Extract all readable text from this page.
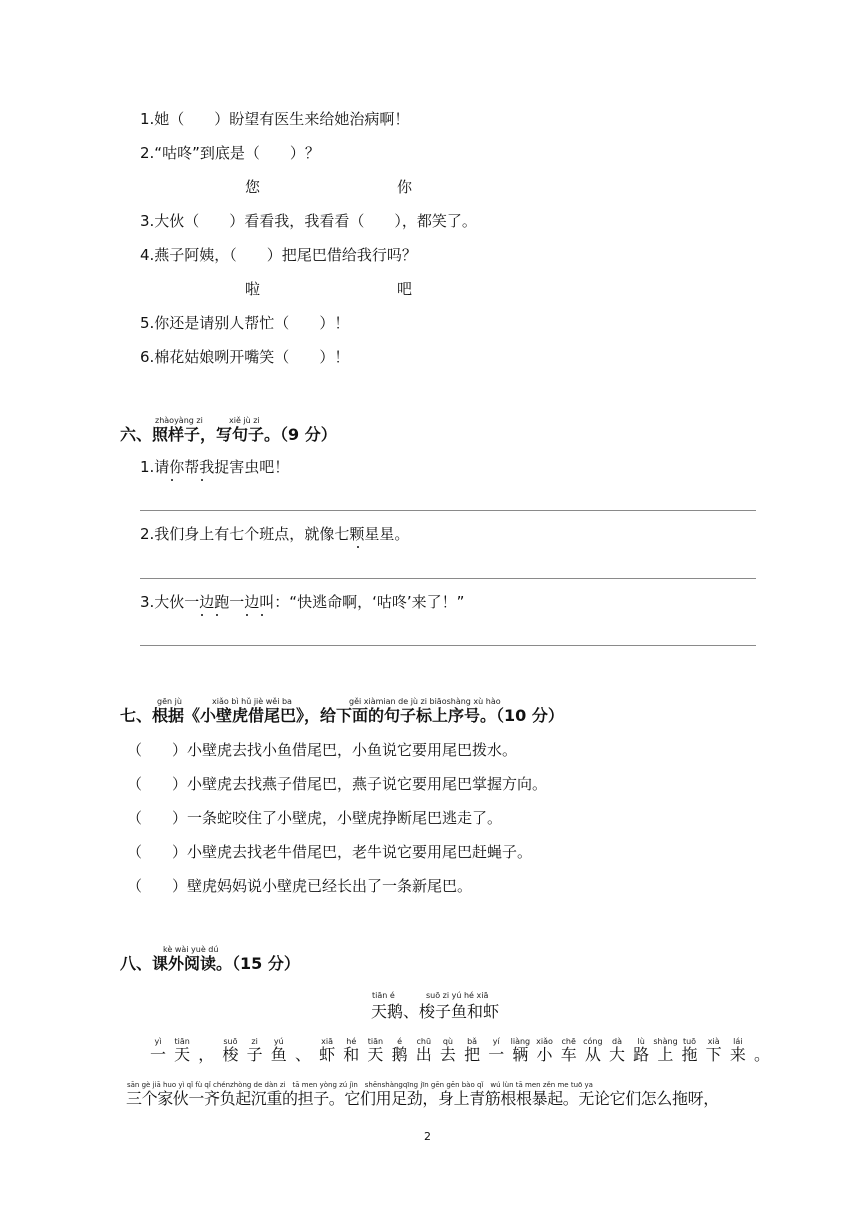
1.她（　　）盼望有医生来给她治病啊！
2.“咕咚”到底是（　　）？
您	你
3.大伙（　　）看看我，我看看（　　），都笑了。
4.燕子阿姨，（　　）把尾巴借给我行吗？
啦	吧
5.你还是请别人帮忙（　　）！
6.棉花姑娘咧开嘴笑（　　）！
zhàoyàng zi	xiě jù zi
六、照样子，写句子。（9 分）
1.请你帮我捉害虫吧！
2.我们身上有七个班点，就像七颗星星。
3.大伙一边跑一边叫：“快逃命啊，‘咕咚’来了！”
gēn jù	xiǎo bì hǔ jiè wěi ba	gěi xiàmian de jù zi biāoshàng xù hào
七、根据《小壁虎借尾巴》，给下面的句子标上序号。（10 分）
（　　）小壁虎去找小鱼借尾巴，小鱼说它要用尾巴拨水。
（　　）小壁虎去找燕子借尾巴，燕子说它要用尾巴掌握方向。
（　　）一条蛇咬住了小壁虎，小壁虎挣断尾巴逃走了。
（　　）小壁虎去找老牛借尾巴，老牛说它要用尾巴赶蝇子。
（　　）壁虎妈妈说小壁虎已经长出了一条新尾巴。
kè wài yuè dú
八、课外阅读。（15 分）
tiān é	suō zi yú hé xiā
天鹅、梭子鱼和虾
yì
一
tiān
天 ，
suō
梭
zi
子
yú
鱼 、
xiā
虾
hé
和
tiān
天
é
鹅
chū
出
qù
去
bǎ
把
yí
一
liàng
辆
xiǎo
小
chē
车
cóng
从
dà
大
lù
路
shàng
上
tuō
拖
xià
下
lái
来 。
sān gè jiā huo yì qǐ fù qǐ chénzhòng de dàn zi　tā men yòng zú jìn　shēnshàngqīng jīn gēn gēn bào qǐ　wú lùn tā men zěn me tuō ya
三个家伙一齐负起沉重的担子。它们用足劲，身上青筋根根暴起。无论它们怎么拖呀，
2
